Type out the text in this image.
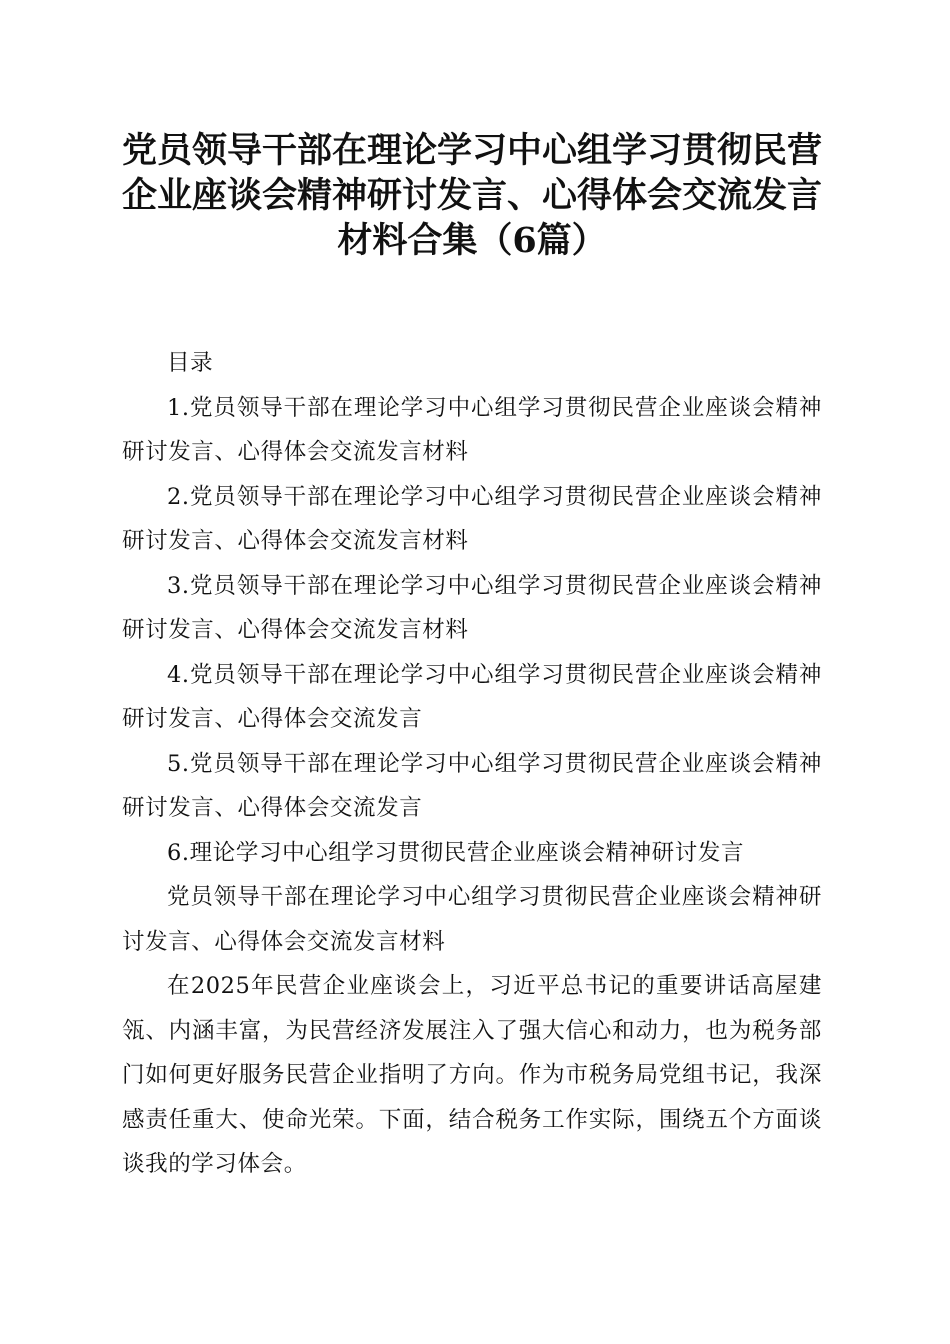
党员领导干部在理论学习中心组学习贯彻民营
企业座谈会精神研讨发言、心得体会交流发言
材料合集（6篇）

目录

1.党员领导干部在理论学习中心组学习贯彻民营企业座谈会精神研讨发言、心得体会交流发言材料

2.党员领导干部在理论学习中心组学习贯彻民营企业座谈会精神研讨发言、心得体会交流发言材料

3.党员领导干部在理论学习中心组学习贯彻民营企业座谈会精神研讨发言、心得体会交流发言材料

4.党员领导干部在理论学习中心组学习贯彻民营企业座谈会精神研讨发言、心得体会交流发言

5.党员领导干部在理论学习中心组学习贯彻民营企业座谈会精神研讨发言、心得体会交流发言

6.理论学习中心组学习贯彻民营企业座谈会精神研讨发言

党员领导干部在理论学习中心组学习贯彻民营企业座谈会精神研讨发言、心得体会交流发言材料

在2025年民营企业座谈会上，习近平总书记的重要讲话高屋建瓴、内涵丰富，为民营经济发展注入了强大信心和动力，也为税务部门如何更好服务民营企业指明了方向。作为市税务局党组书记，我深感责任重大、使命光荣。下面，结合税务工作实际，围绕五个方面谈谈我的学习体会。
